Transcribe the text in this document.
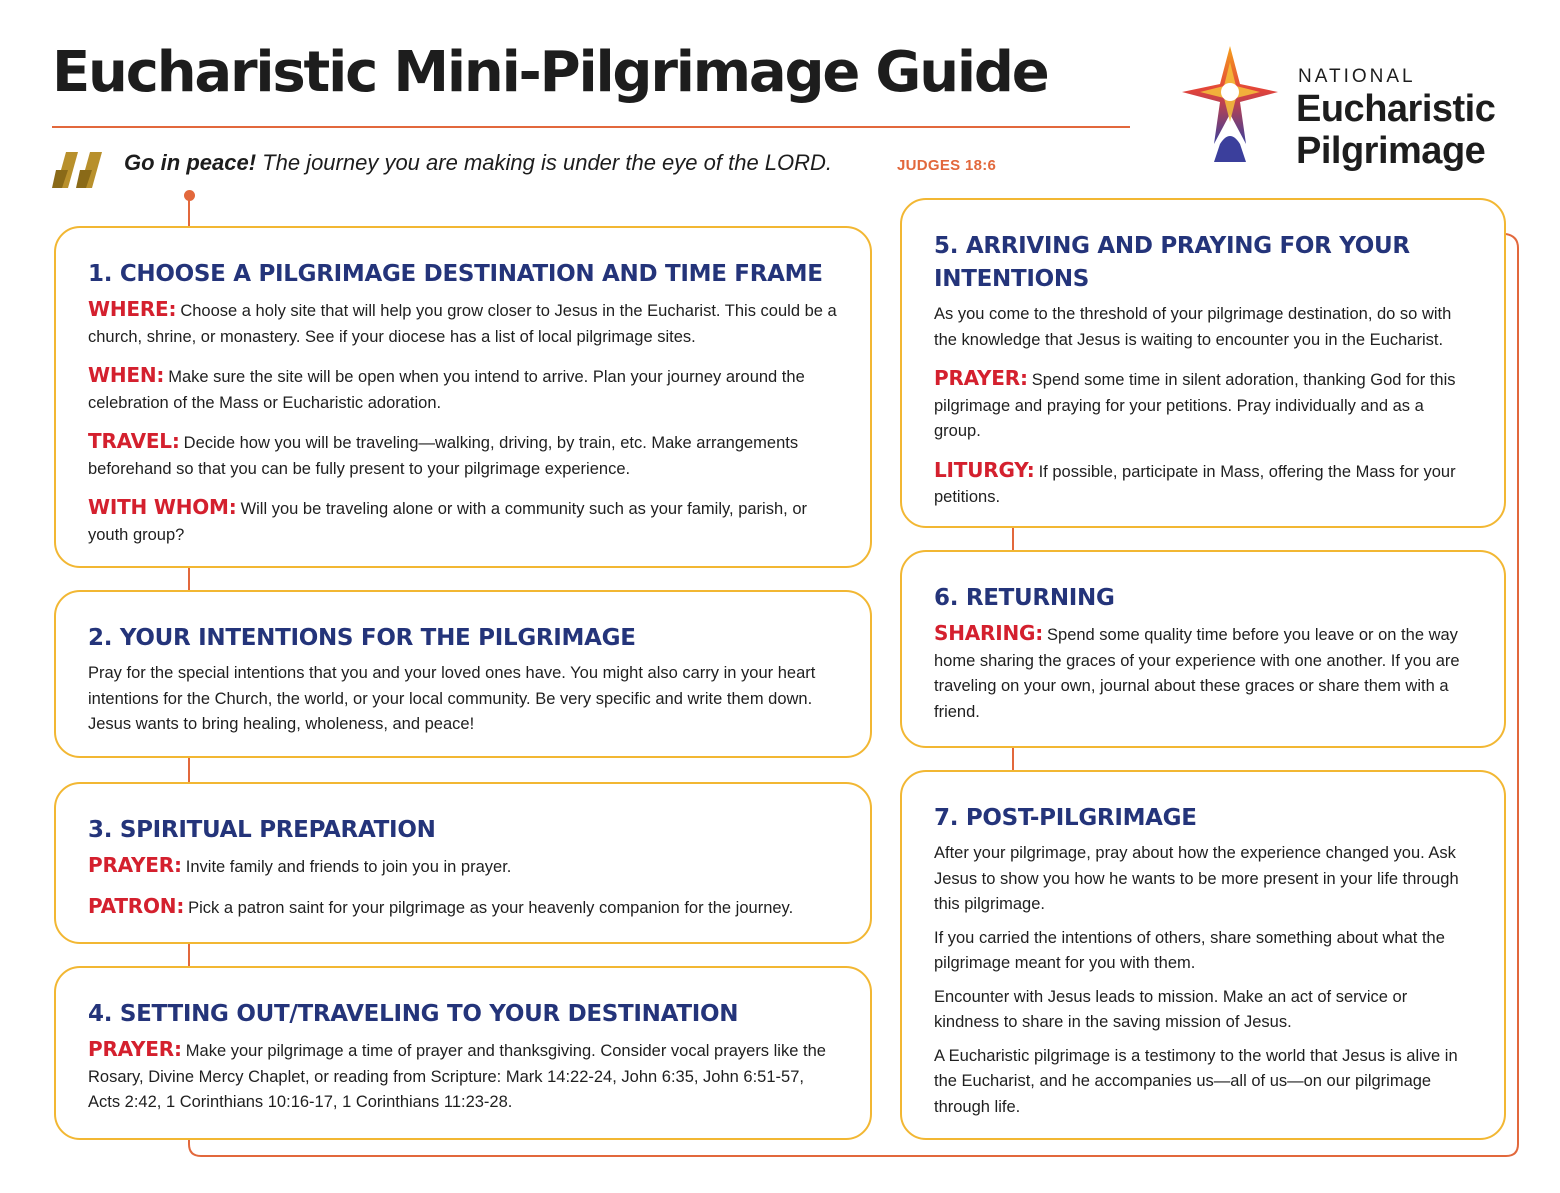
Eucharistic Mini-Pilgrimage Guide
Go in peace! The journey you are making is under the eye of the LORD.	JUDGES 18:6
NATIONAL
Eucharistic
Pilgrimage
1. CHOOSE A PILGRIMAGE DESTINATION AND TIME FRAME

WHERE: Choose a holy site that will help you grow closer to Jesus in the Eucharist. This could be a church, shrine, or monastery. See if your diocese has a list of local pilgrimage sites.

WHEN: Make sure the site will be open when you intend to arrive. Plan your journey around the celebration of the Mass or Eucharistic adoration.

TRAVEL: Decide how you will be traveling—walking, driving, by train, etc. Make arrangements beforehand so that you can be fully present to your pilgrimage experience.

WITH WHOM: Will you be traveling alone or with a community such as your family, parish, or youth group?

2. YOUR INTENTIONS FOR THE PILGRIMAGE

Pray for the special intentions that you and your loved ones have. You might also carry in your heart intentions for the Church, the world, or your local community. Be very specific and write them down. Jesus wants to bring healing, wholeness, and peace!

3. SPIRITUAL PREPARATION

PRAYER: Invite family and friends to join you in prayer.

PATRON: Pick a patron saint for your pilgrimage as your heavenly companion for the journey.

4. SETTING OUT/TRAVELING TO YOUR DESTINATION

PRAYER: Make your pilgrimage a time of prayer and thanksgiving. Consider vocal prayers like the Rosary, Divine Mercy Chaplet, or reading from Scripture: Mark 14:22-24, John 6:35, John 6:51-57, Acts 2:42, 1 Corinthians 10:16-17, 1 Corinthians 11:23-28.

5. ARRIVING AND PRAYING FOR YOUR INTENTIONS

As you come to the threshold of your pilgrimage destination, do so with the knowledge that Jesus is waiting to encounter you in the Eucharist.

PRAYER: Spend some time in silent adoration, thanking God for this pilgrimage and praying for your petitions. Pray individually and as a group.

LITURGY: If possible, participate in Mass, offering the Mass for your petitions.

6. RETURNING

SHARING: Spend some quality time before you leave or on the way home sharing the graces of your experience with one another. If you are traveling on your own, journal about these graces or share them with a friend.

7. POST-PILGRIMAGE

After your pilgrimage, pray about how the experience changed you. Ask Jesus to show you how he wants to be more present in your life through this pilgrimage.

If you carried the intentions of others, share something about what the pilgrimage meant for you with them.

Encounter with Jesus leads to mission. Make an act of service or kindness to share in the saving mission of Jesus.

A Eucharistic pilgrimage is a testimony to the world that Jesus is alive in the Eucharist, and he accompanies us—all of us—on our pilgrimage through life.
